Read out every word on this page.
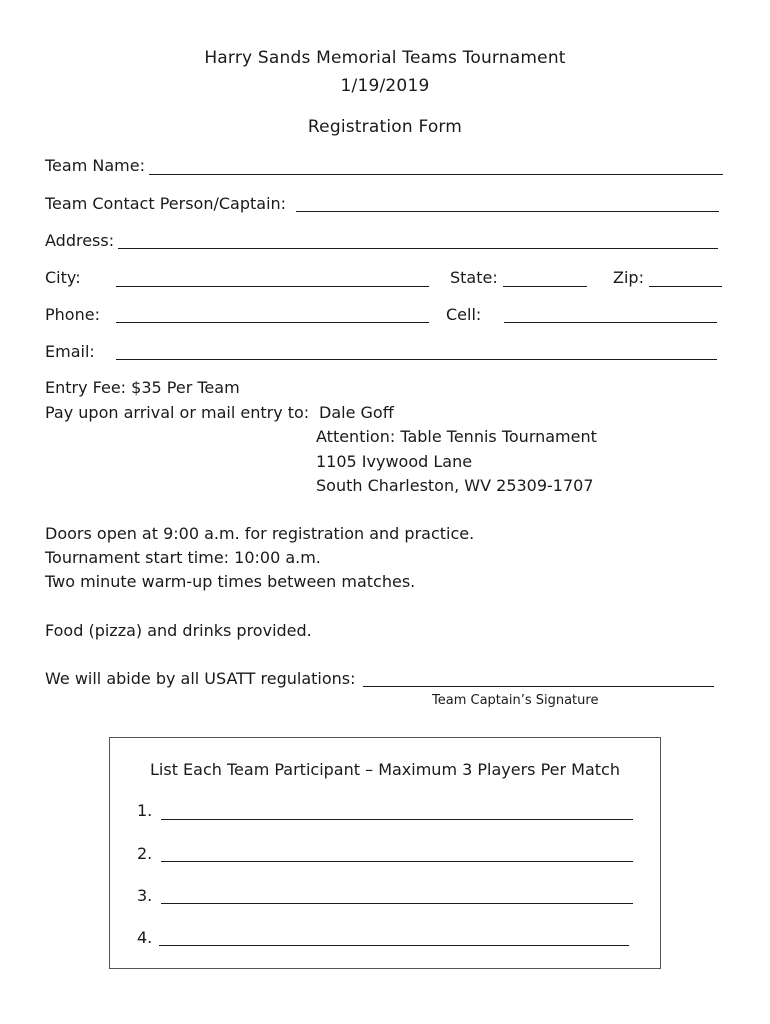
Harry Sands Memorial Teams Tournament
1/19/2019
Registration Form
Team Name:
Team Contact Person/Captain:
Address:
City:	State:	Zip:
Phone:	Cell:
Email:
Entry Fee: $35 Per Team
Pay upon arrival or mail entry to: Dale Goff
Attention: Table Tennis Tournament
1105 Ivywood Lane
South Charleston, WV 25309-1707
Doors open at 9:00 a.m. for registration and practice.
Tournament start time: 10:00 a.m.
Two minute warm-up times between matches.
Food (pizza) and drinks provided.
We will abide by all USATT regulations:
Team Captain’s Signature
List Each Team Participant – Maximum 3 Players Per Match
1.
2.
3.
4.
